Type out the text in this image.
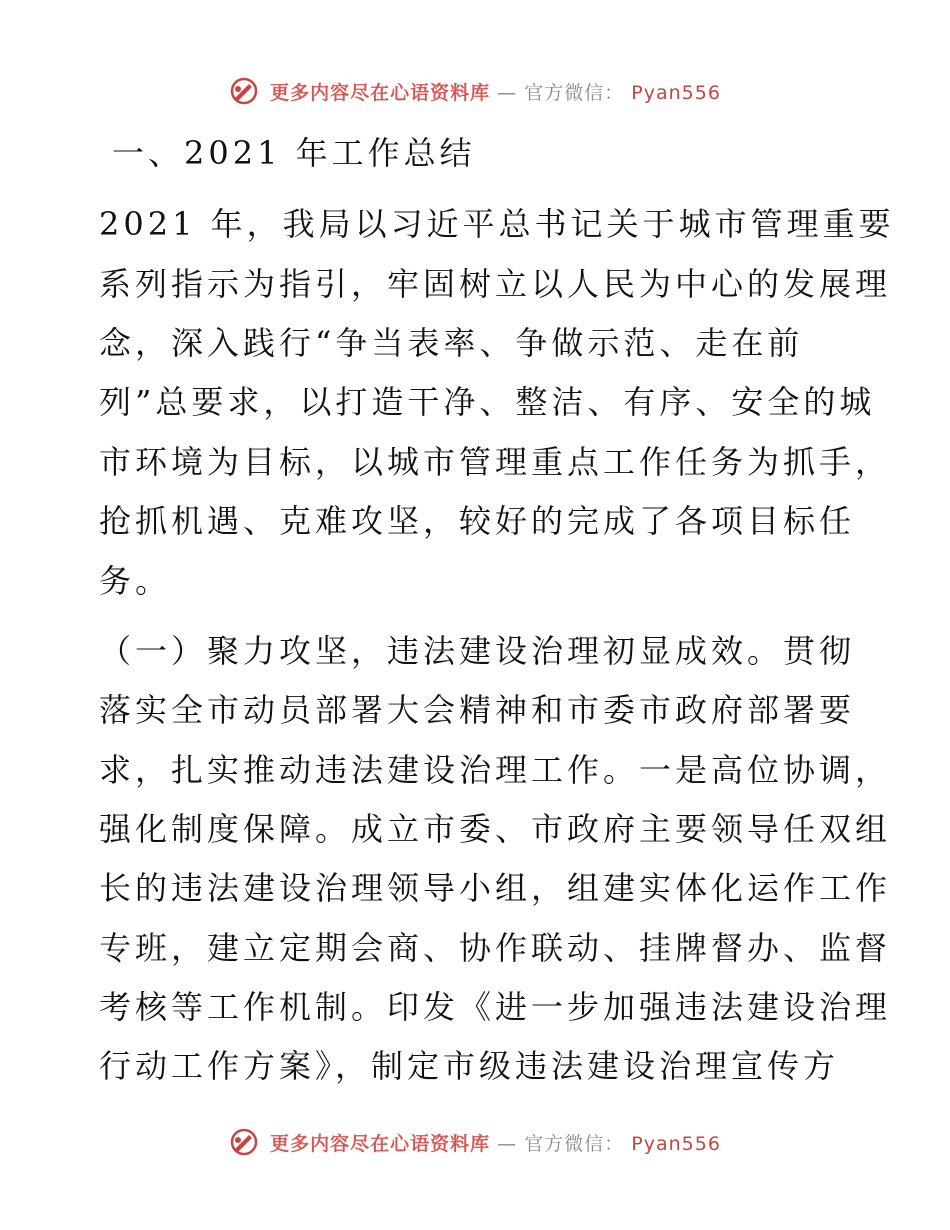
更多内容尽在心语资料库 — 官方微信： Pyan556
一、2021 年工作总结
2021 年，我局以习近平总书记关于城市管理重要
系列指示为指引，牢固树立以人民为中心的发展理
念，深入践行“争当表率、争做示范、走在前
列”总要求，以打造干净、整洁、有序、安全的城
市环境为目标，以城市管理重点工作任务为抓手，
抢抓机遇、克难攻坚，较好的完成了各项目标任
务。
（一）聚力攻坚，违法建设治理初显成效。贯彻
落实全市动员部署大会精神和市委市政府部署要
求，扎实推动违法建设治理工作。一是高位协调，
强化制度保障。成立市委、市政府主要领导任双组
长的违法建设治理领导小组，组建实体化运作工作
专班，建立定期会商、协作联动、挂牌督办、监督
考核等工作机制。印发《进一步加强违法建设治理
行动工作方案》，制定市级违法建设治理宣传方
更多内容尽在心语资料库 — 官方微信： Pyan556
